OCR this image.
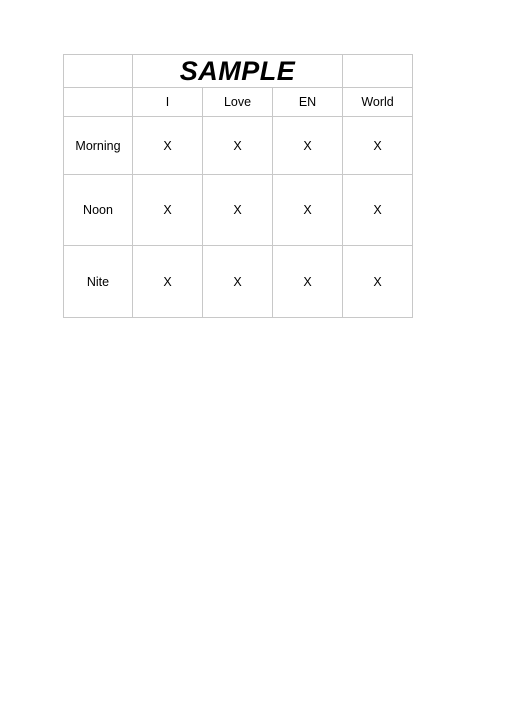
	SAMPLE			
	I	Love	EN	World
Morning	X	X	X	X
Noon	X	X	X	X
Nite	X	X	X	X
